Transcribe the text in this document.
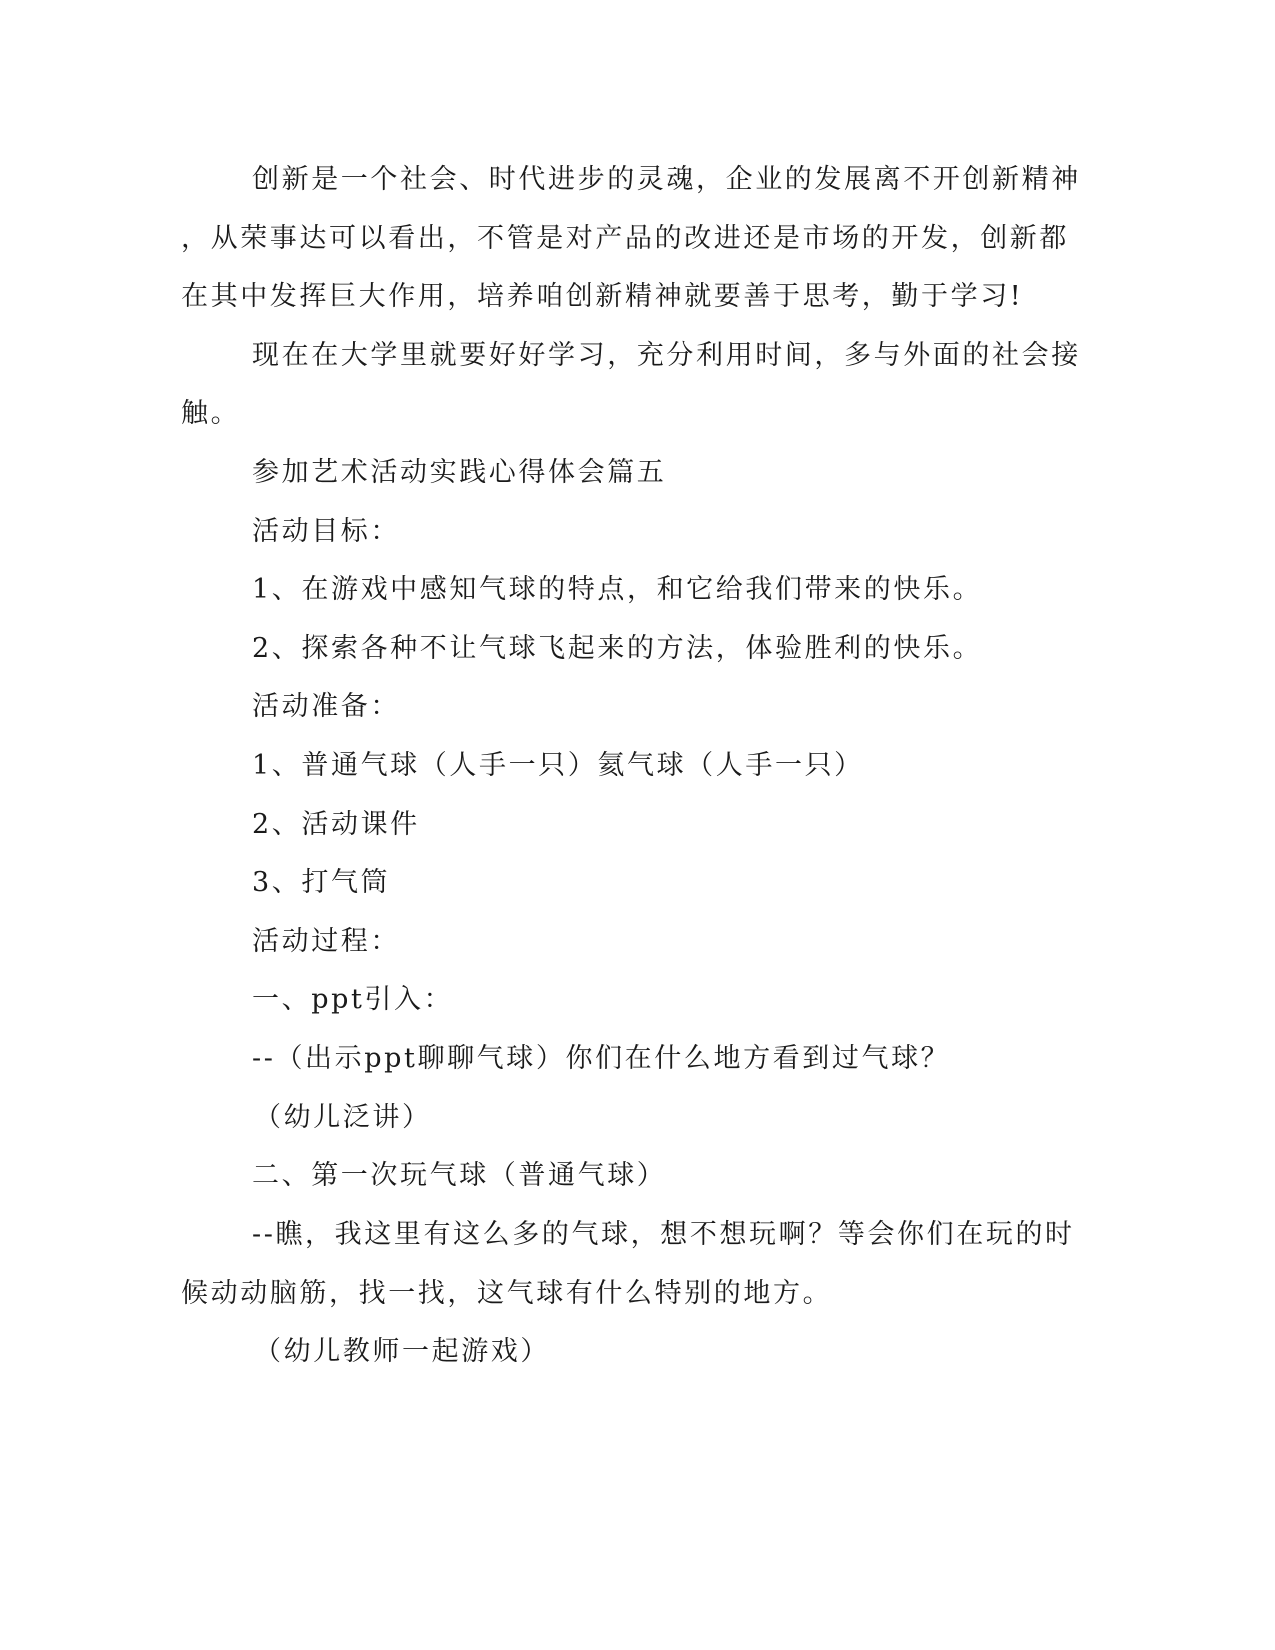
创新是一个社会、时代进步的灵魂，企业的发展离不开创新精神

，从荣事达可以看出，不管是对产品的改进还是市场的开发，创新都

在其中发挥巨大作用，培养咱创新精神就要善于思考，勤于学习!

现在在大学里就要好好学习，充分利用时间，多与外面的社会接

触。

参加艺术活动实践心得体会篇五

活动目标：

1、在游戏中感知气球的特点，和它给我们带来的快乐。

2、探索各种不让气球飞起来的方法，体验胜利的快乐。

活动准备：

1、普通气球（人手一只）氦气球（人手一只）

2、活动课件

3、打气筒

活动过程：

一、ppt引入：

--（出示ppt聊聊气球）你们在什么地方看到过气球？

（幼儿泛讲）

二、第一次玩气球（普通气球）

--瞧，我这里有这么多的气球，想不想玩啊？等会你们在玩的时

候动动脑筋，找一找，这气球有什么特别的地方。

（幼儿教师一起游戏）
